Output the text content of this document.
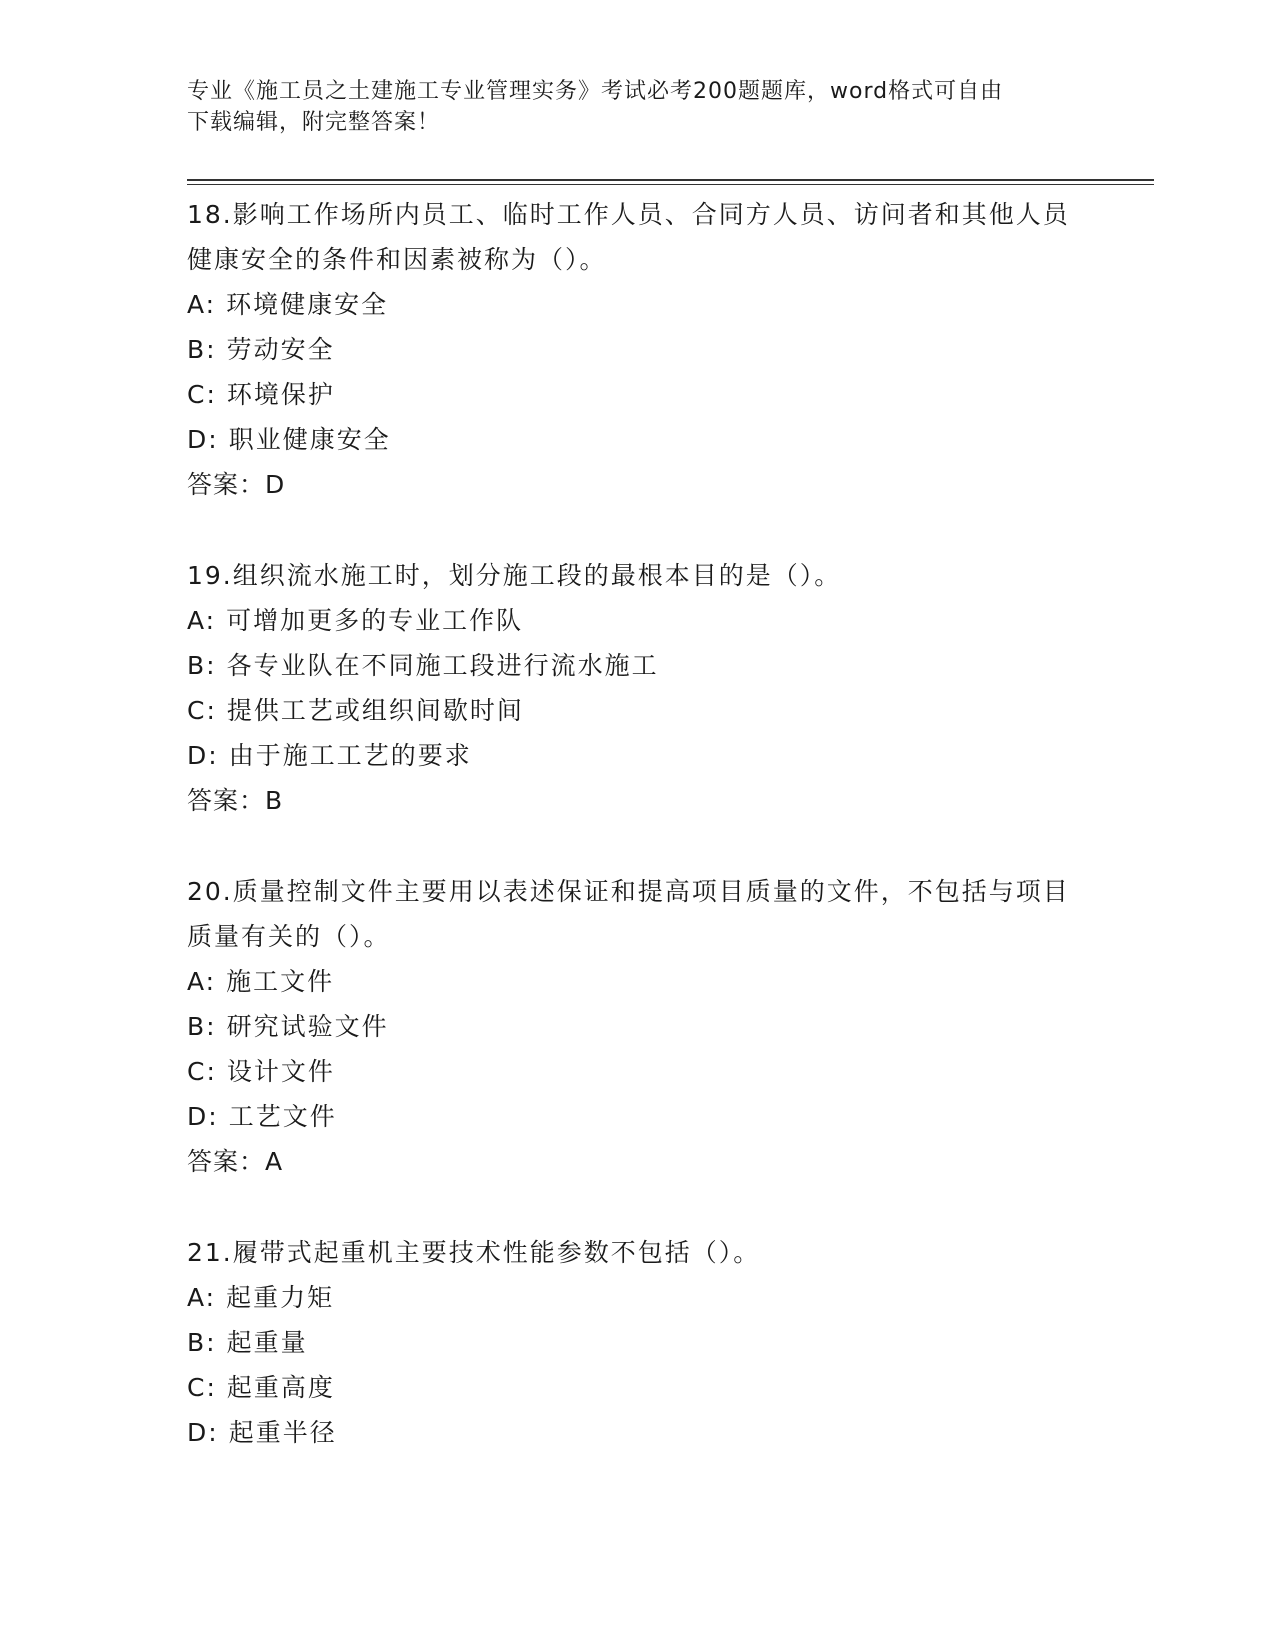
专业《施工员之土建施工专业管理实务》考试必考200题题库，word格式可自由
下载编辑，附完整答案！

18.影响工作场所内员工、临时工作人员、合同方人员、访问者和其他人员健康安全的条件和因素被称为（）。

A: 环境健康安全

B: 劳动安全

C: 环境保护

D: 职业健康安全

答案：D

19.组织流水施工时，划分施工段的最根本目的是（）。

A: 可增加更多的专业工作队

B: 各专业队在不同施工段进行流水施工

C: 提供工艺或组织间歇时间

D: 由于施工工艺的要求

答案：B

20.质量控制文件主要用以表述保证和提高项目质量的文件，不包括与项目质量有关的（）。

A: 施工文件

B: 研究试验文件

C: 设计文件

D: 工艺文件

答案：A

21.履带式起重机主要技术性能参数不包括（）。

A: 起重力矩

B: 起重量

C: 起重高度

D: 起重半径
